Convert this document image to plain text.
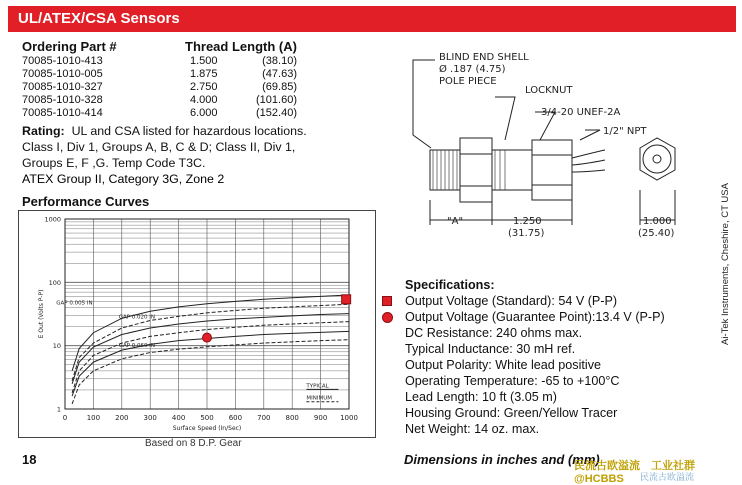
UL/ATEX/CSA Sensors
Ordering Part #	Thread Length (A)
70085-1010-413	1.500	(38.10)
70085-1010-005	1.875	(47.63)
70085-1010-327	2.750	(69.85)
70085-1010-328	4.000	(101.60)
70085-1010-414	6.000	(152.40)
Rating: UL and CSA listed for hazardous locations.
Class I, Div 1, Groups A, B, C & D; Class II, Div 1,
Groups E, F ,G. Temp Code T3C.
ATEX Group II, Category 3G, Zone 2
Performance Curves
0	100 200 300 400 500 600 700 800 900 1000
1
10
100
1000
Surface Speed (In/Sec)
E Out (Volts P-P) GAP 0.005 IN
GAP 0.020 IN
GAP 0.060 IN
TYPICAL
MINIMUM
Based on 8 D.P. Gear
BLIND END SHELL
Ø .187 (4.75)
POLE PIECE
LOCKNUT
3/4-20 UNEF-2A
1/2" NPT
"A"	1.250
(31.75)
1.000
(25.40)
Specifications:
Output Voltage (Standard): 54 V (P-P)
Output Voltage (Guarantee Point):13.4 V (P-P)
DC Resistance: 240 ohms max.
Typical Inductance: 30 mH ref.
Output Polarity: White lead positive
Operating Temperature: -65 to +100°C
Lead Length: 10 ft (3.05 m)
Housing Ground: Green/Yellow Tracer
Net Weight: 14 oz. max.
Ai-Tek Instruments, Cheshire, CT USA
18	Dimensions in inches and (mm)
民流古欧溢流　工业社群@HCBBS	民流古欧溢流
